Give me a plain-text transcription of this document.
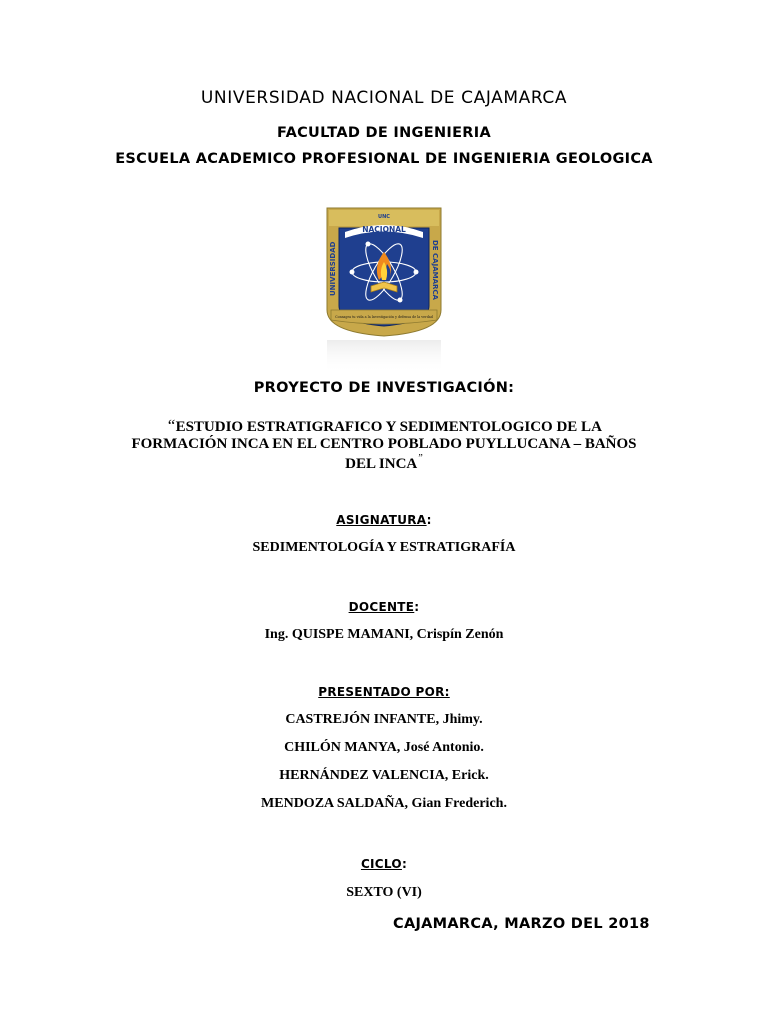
UNIVERSIDAD NACIONAL DE CAJAMARCA
FACULTAD DE INGENIERIA
ESCUELA ACADEMICO PROFESIONAL DE INGENIERIA GEOLOGICA
UNC
NACIONAL
UNIVERSIDAD	DE CAJAMARCA
Consagra tu vida a la Investigación y defensa de la verdad
PROYECTO DE INVESTIGACIÓN:
“ESTUDIO ESTRATIGRAFICO Y SEDIMENTOLOGICO DE LA
FORMACIÓN INCA EN EL CENTRO POBLADO PUYLLUCANA – BAÑOS
DEL INCA”
ASIGNATURA:
SEDIMENTOLOGÍA Y ESTRATIGRAFÍA
DOCENTE:
Ing. QUISPE MAMANI, Crispín Zenón
PRESENTADO POR:
CASTREJÓN INFANTE, Jhimy.
CHILÓN MANYA, José Antonio.
HERNÁNDEZ VALENCIA, Erick.
MENDOZA SALDAÑA, Gian Frederich.
CICLO:
SEXTO (VI)
CAJAMARCA, MARZO DEL 2018
